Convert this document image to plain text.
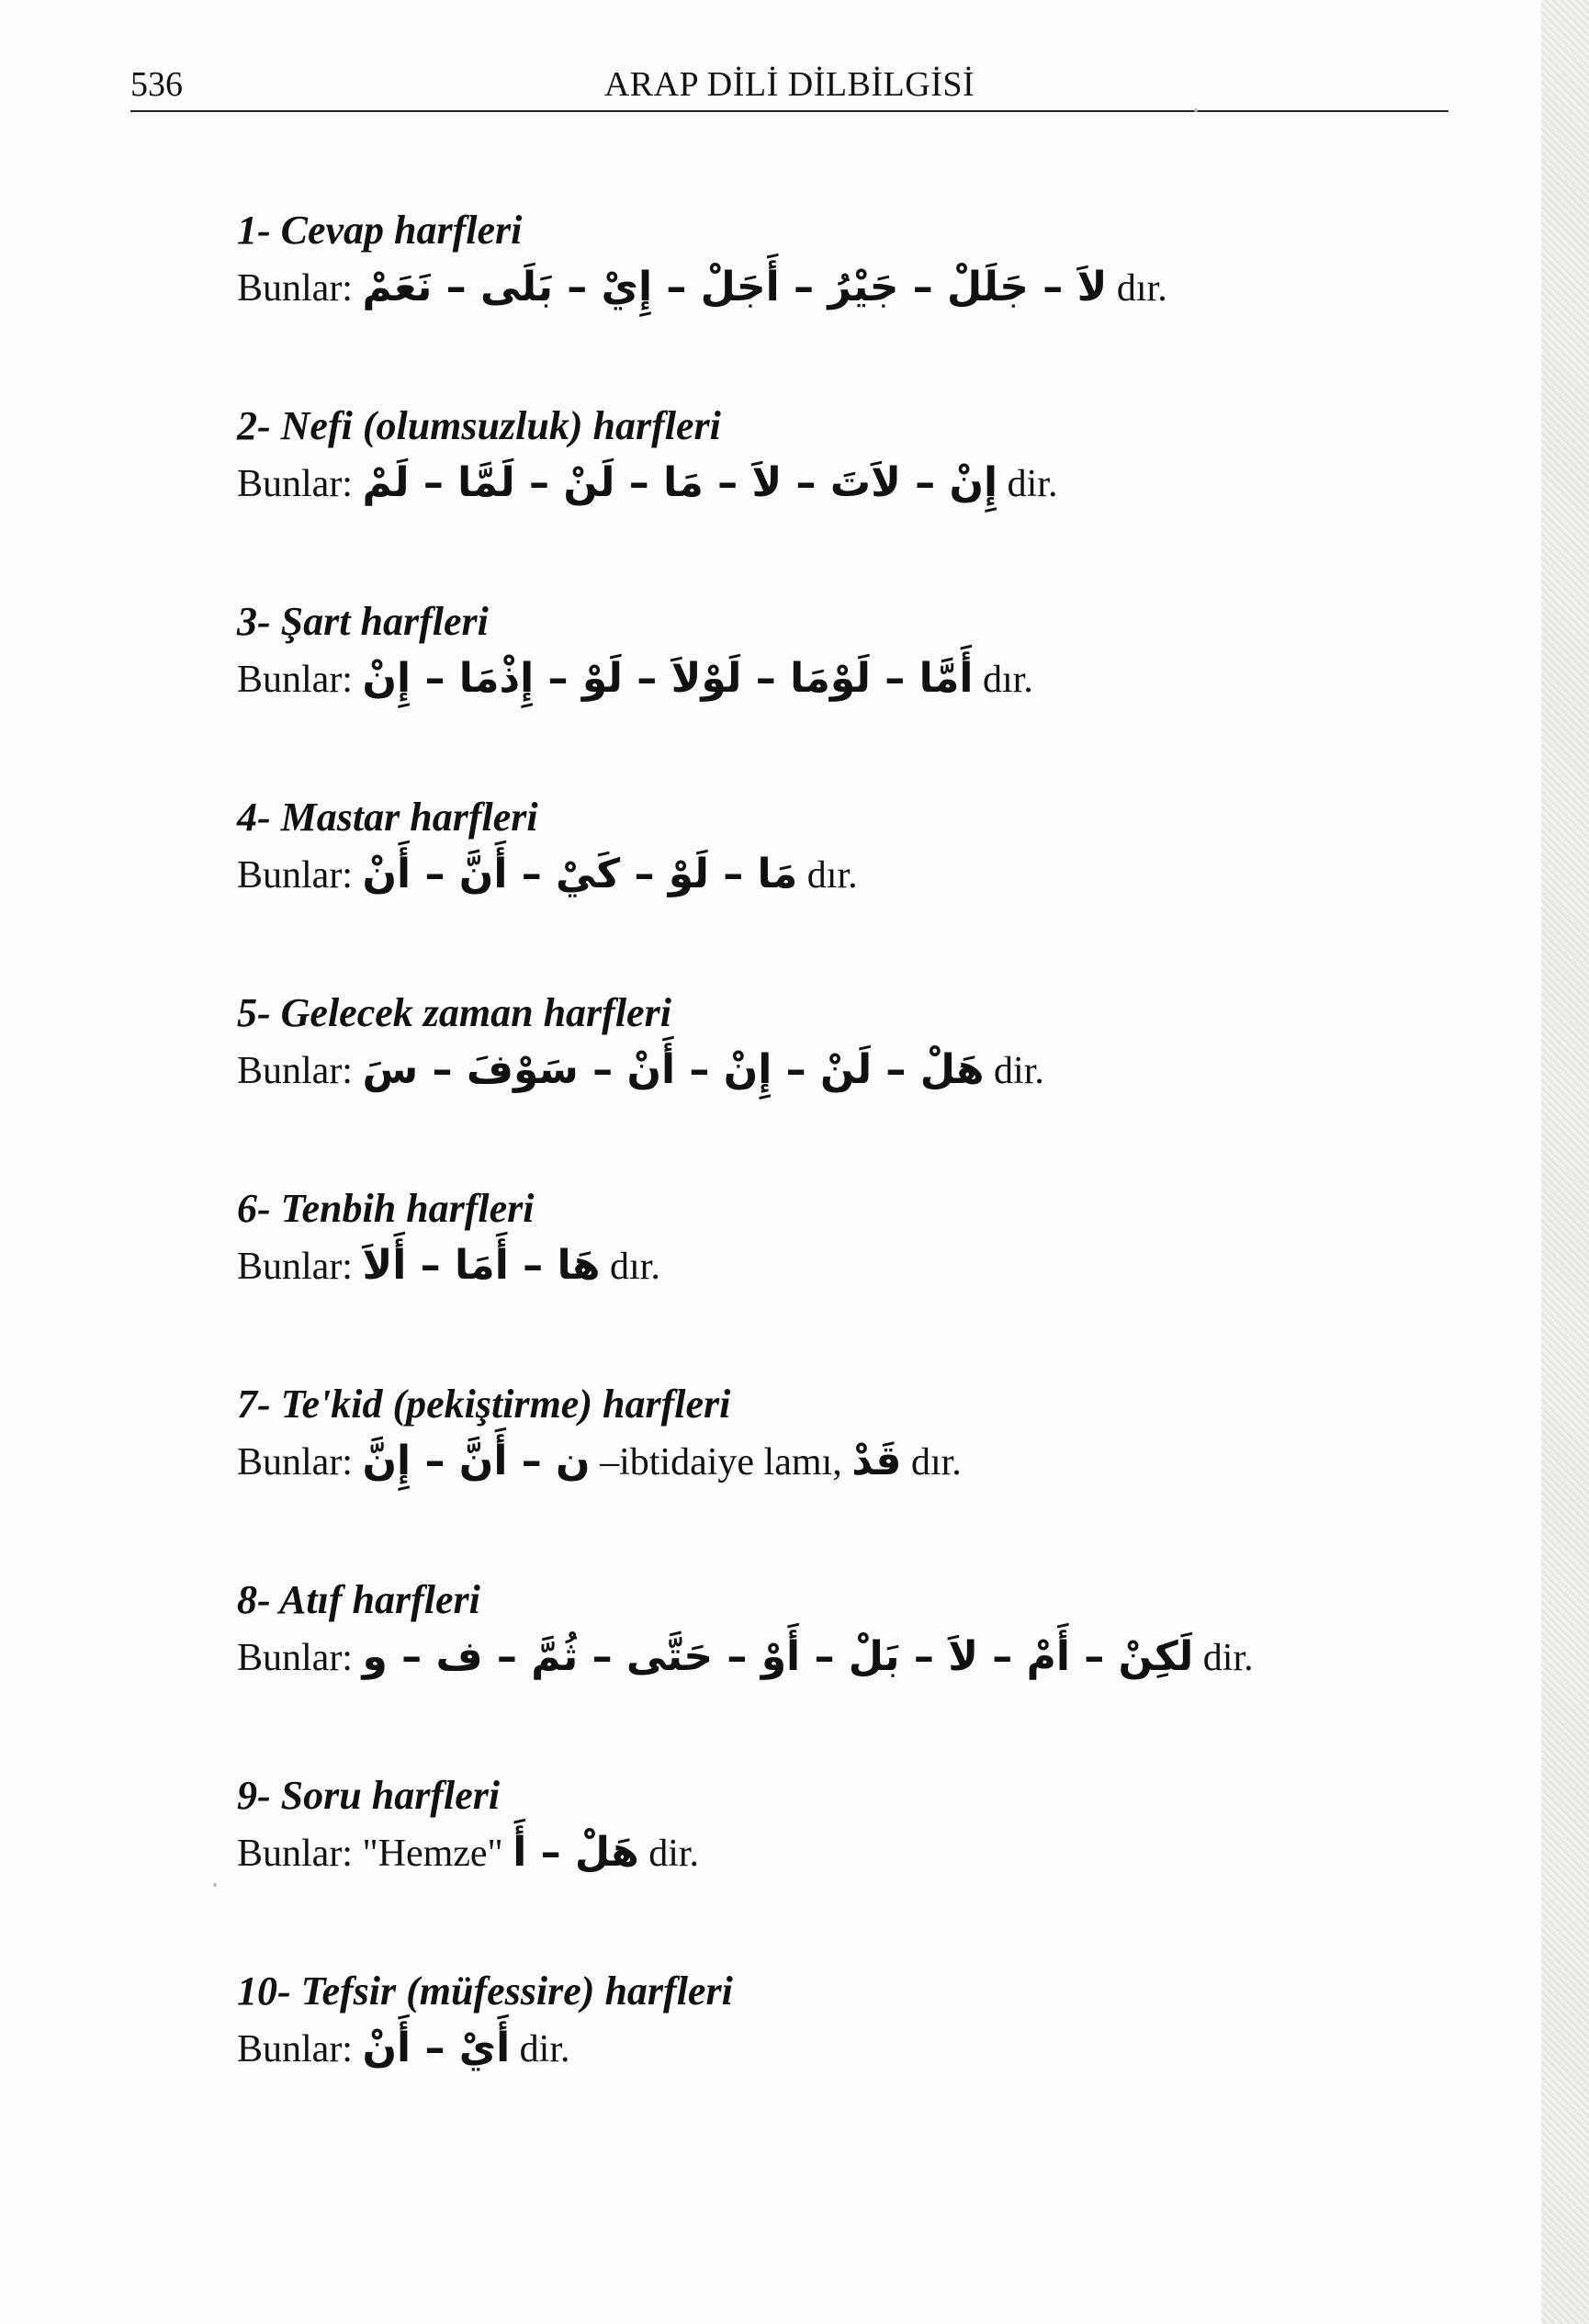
536	ARAP DİLİ DİLBİLGİSİ
1- Cevap harfleri
Bunlar: لاَ – جَلَلْ – جَيْرُ – أَجَلْ – إِيْ – بَلَى – نَعَمْ dır.
2- Nefi (olumsuzluk) harfleri
Bunlar: إِنْ – لاَتَ – لاَ – مَا – لَنْ – لَمَّا – لَمْ dir.
3- Şart harfleri
Bunlar: أَمَّا – لَوْمَا – لَوْلاَ – لَوْ – إِذْمَا – إِنْ dır.
4- Mastar harfleri
Bunlar: مَا – لَوْ – كَيْ – أَنَّ – أَنْ dır.
5- Gelecek zaman harfleri
Bunlar: هَلْ – لَنْ – إِنْ – أَنْ – سَوْفَ – سَ dir.
6- Tenbih harfleri
Bunlar: هَا – أَمَا – أَلاَ dır.
7- Te'kid (pekiştirme) harfleri
Bunlar: ن – أَنَّ – إِنَّ –ibtidaiye lamı, قَدْ dır.
8- Atıf harfleri
Bunlar: لَكِنْ – أَمْ – لاَ – بَلْ – أَوْ – حَتَّى – ثُمَّ – ف – و dir.
9- Soru harfleri
Bunlar: "Hemze" هَلْ – أَ dir.
10- Tefsir (müfessire) harfleri
Bunlar: أَيْ – أَنْ dir.
